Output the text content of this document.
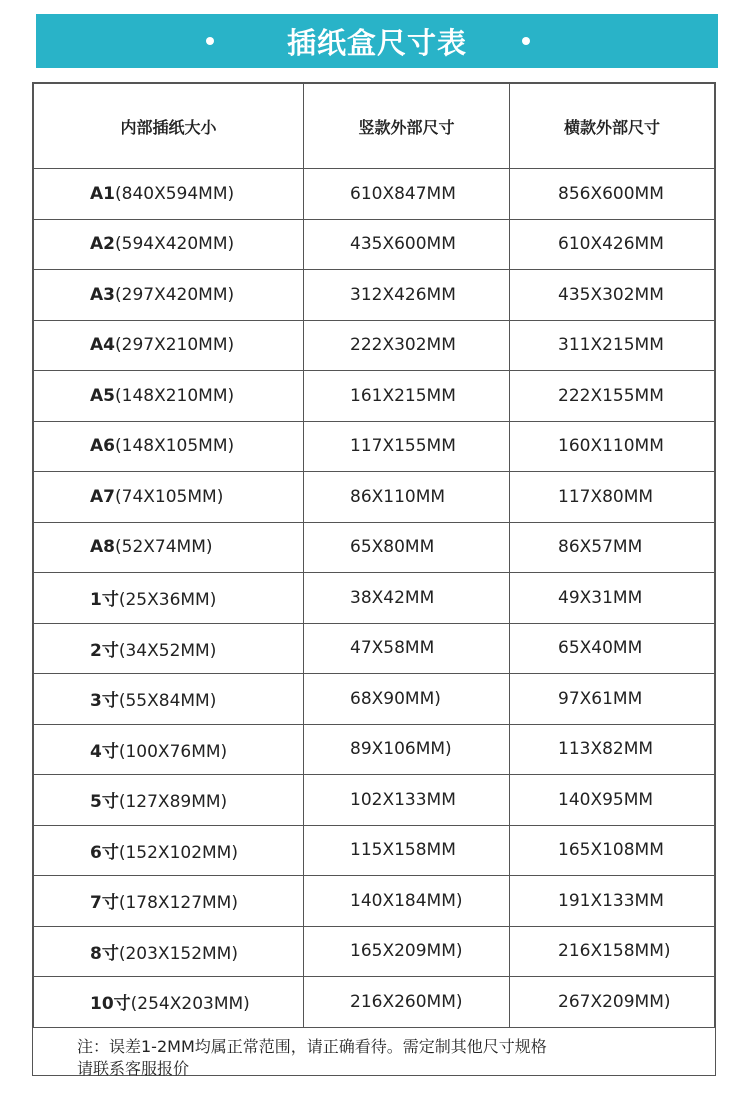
插纸盒尺寸表
内部插纸大小	竖款外部尺寸	横款外部尺寸
A1(840X594MM)	610X847MM	856X600MM
A2(594X420MM)	435X600MM	610X426MM
A3(297X420MM)	312X426MM	435X302MM
A4(297X210MM)	222X302MM	311X215MM
A5(148X210MM)	161X215MM	222X155MM
A6(148X105MM)	117X155MM	160X110MM
A7(74X105MM)	86X110MM	117X80MM
A8(52X74MM)	65X80MM	86X57MM
1寸(25X36MM)	38X42MM	49X31MM
2寸(34X52MM)	47X58MM	65X40MM
3寸(55X84MM)	68X90MM)	97X61MM
4寸(100X76MM)	89X106MM)	113X82MM
5寸(127X89MM)	102X133MM	140X95MM
6寸(152X102MM)	115X158MM	165X108MM
7寸(178X127MM)	140X184MM)	191X133MM
8寸(203X152MM)	165X209MM)	216X158MM)
10寸(254X203MM)	216X260MM)	267X209MM)
注：误差1-2MM均属正常范围，请正确看待。需定制其他尺寸规格
请联系客服报价
